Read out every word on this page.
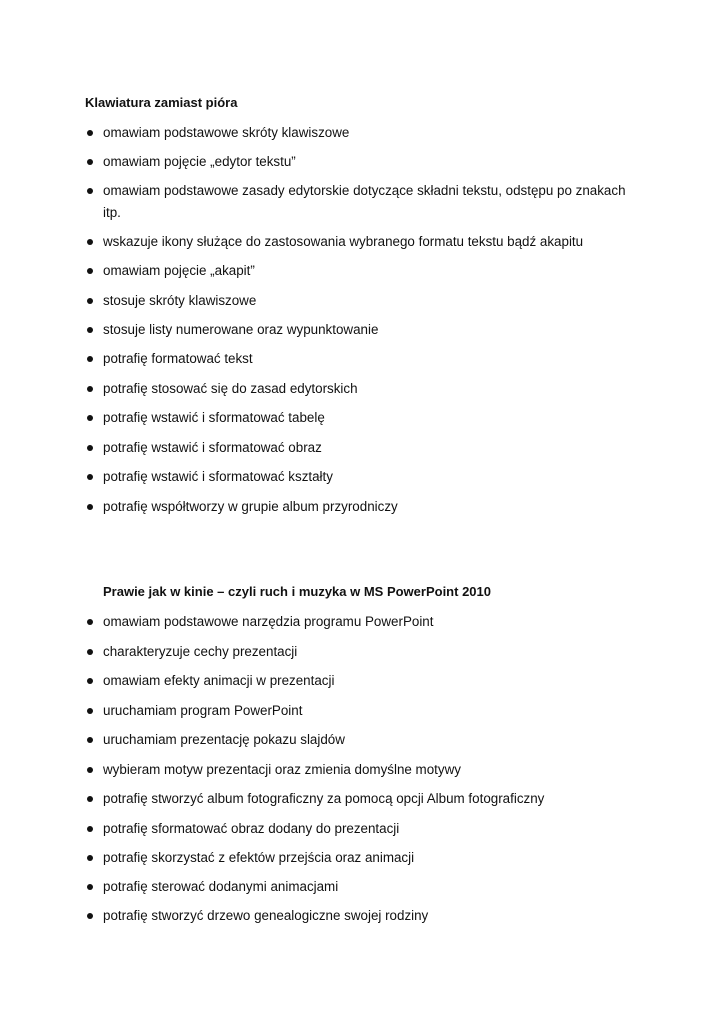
Klawiatura zamiast pióra
omawiam podstawowe skróty klawiszowe
omawiam pojęcie „edytor tekstu”
omawiam podstawowe zasady edytorskie dotyczące składni tekstu, odstępu po znakach itp.
wskazuje ikony służące do zastosowania wybranego formatu tekstu bądź akapitu
omawiam pojęcie „akapit”
stosuje skróty klawiszowe
stosuje listy numerowane oraz wypunktowanie
potrafię formatować tekst
potrafię stosować się do zasad edytorskich
potrafię wstawić i sformatować tabelę
potrafię wstawić i sformatować obraz
potrafię wstawić i sformatować kształty
potrafię współtworzy w grupie album przyrodniczy
Prawie jak w kinie – czyli ruch i muzyka w MS PowerPoint 2010
omawiam podstawowe narzędzia programu PowerPoint
charakteryzuje cechy prezentacji
omawiam efekty animacji w prezentacji
uruchamiam program PowerPoint
uruchamiam prezentację pokazu slajdów
wybieram motyw prezentacji oraz zmienia domyślne motywy
potrafię stworzyć album fotograficzny za pomocą opcji Album fotograficzny
potrafię sformatować obraz dodany do prezentacji
potrafię skorzystać z efektów przejścia oraz animacji
potrafię sterować dodanymi animacjami
potrafię stworzyć drzewo genealogiczne swojej rodziny
